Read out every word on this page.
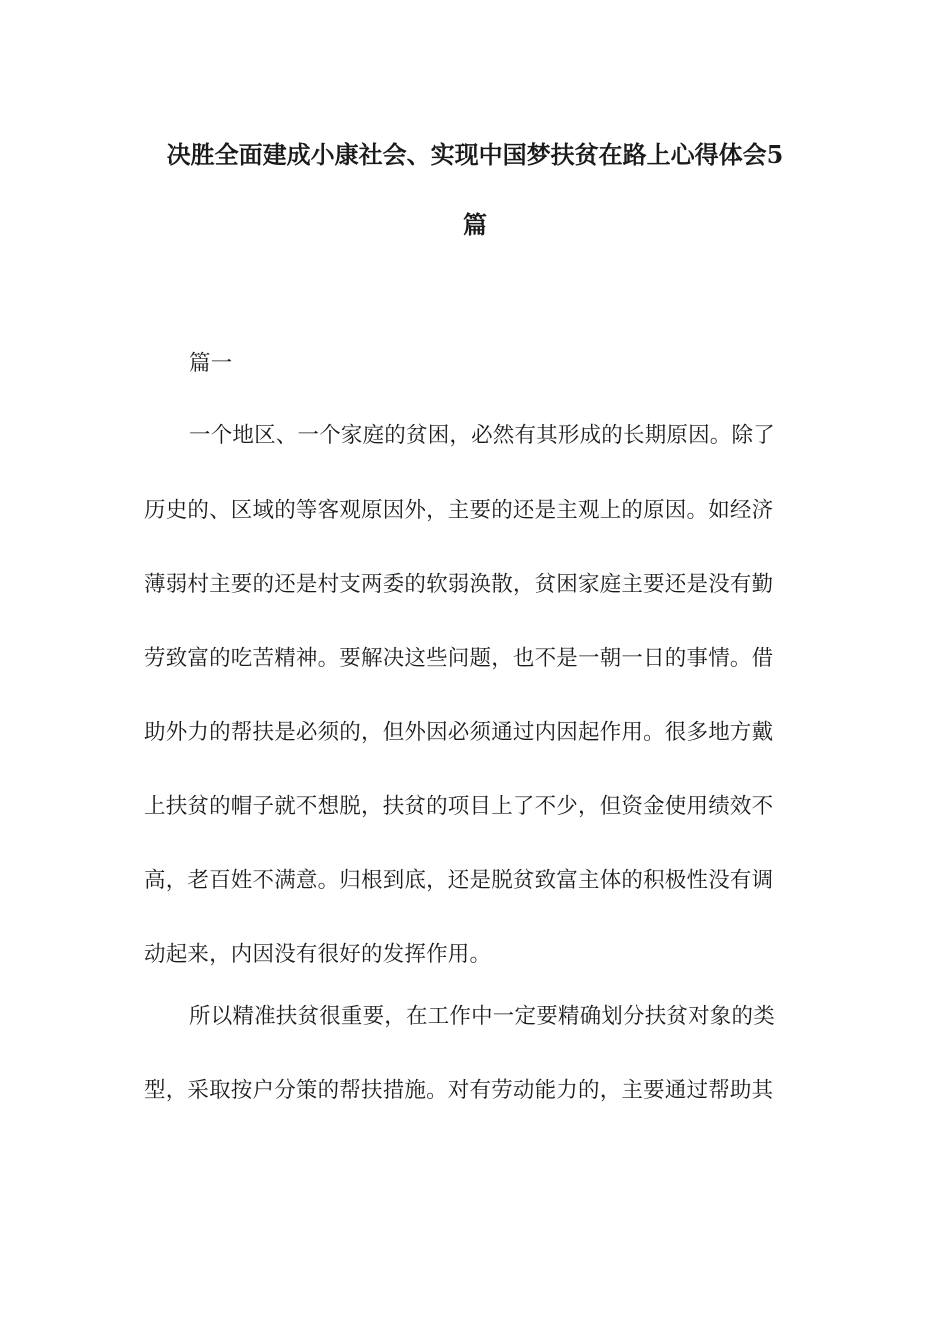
决胜全面建成小康社会、实现中国梦扶贫在路上心得体会5
篇
篇一
一个地区、一个家庭的贫困，必然有其形成的长期原因。除了
历史的、区域的等客观原因外，主要的还是主观上的原因。如经济
薄弱村主要的还是村支两委的软弱涣散，贫困家庭主要还是没有勤
劳致富的吃苦精神。要解决这些问题，也不是一朝一日的事情。借
助外力的帮扶是必须的，但外因必须通过内因起作用。很多地方戴
上扶贫的帽子就不想脱，扶贫的项目上了不少，但资金使用绩效不
高，老百姓不满意。归根到底，还是脱贫致富主体的积极性没有调
动起来，内因没有很好的发挥作用。
所以精准扶贫很重要，在工作中一定要精确划分扶贫对象的类
型，采取按户分策的帮扶措施。对有劳动能力的，主要通过帮助其
